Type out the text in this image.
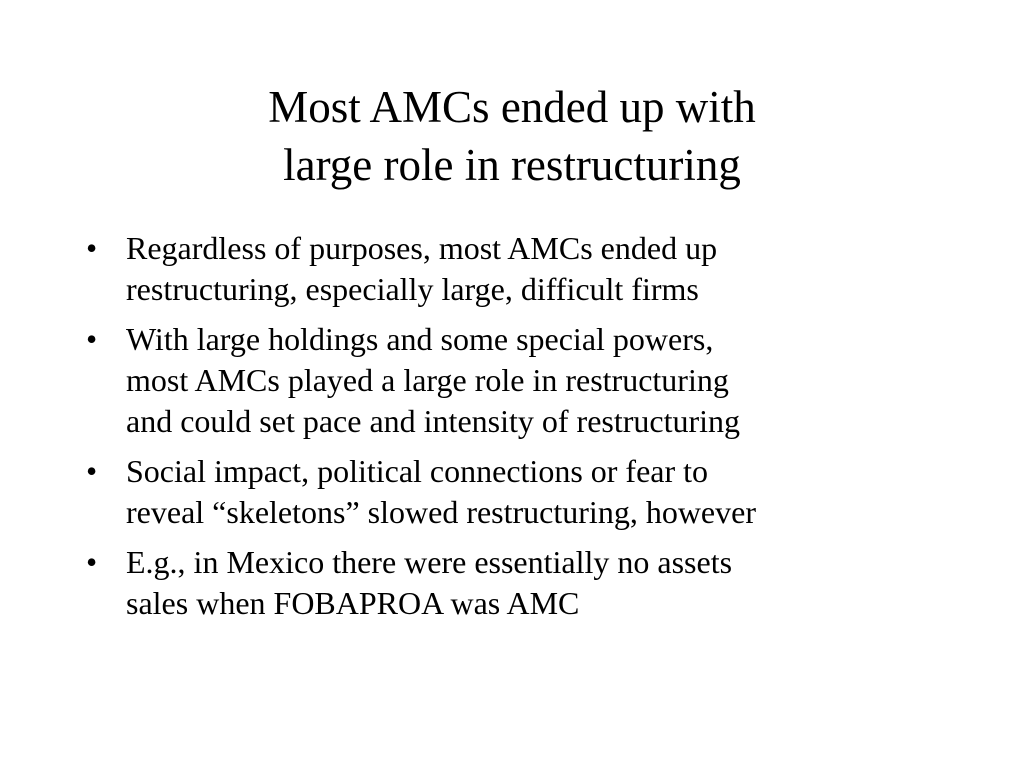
Most AMCs ended up with
large role in restructuring
• Regardless of purposes, most AMCs ended up
restructuring, especially large, difficult firms
• With large holdings and some special powers,
most AMCs played a large role in restructuring
and could set pace and intensity of restructuring
• Social impact, political connections or fear to
reveal “skeletons” slowed restructuring, however
• E.g., in Mexico there were essentially no assets
sales when FOBAPROA was AMC
